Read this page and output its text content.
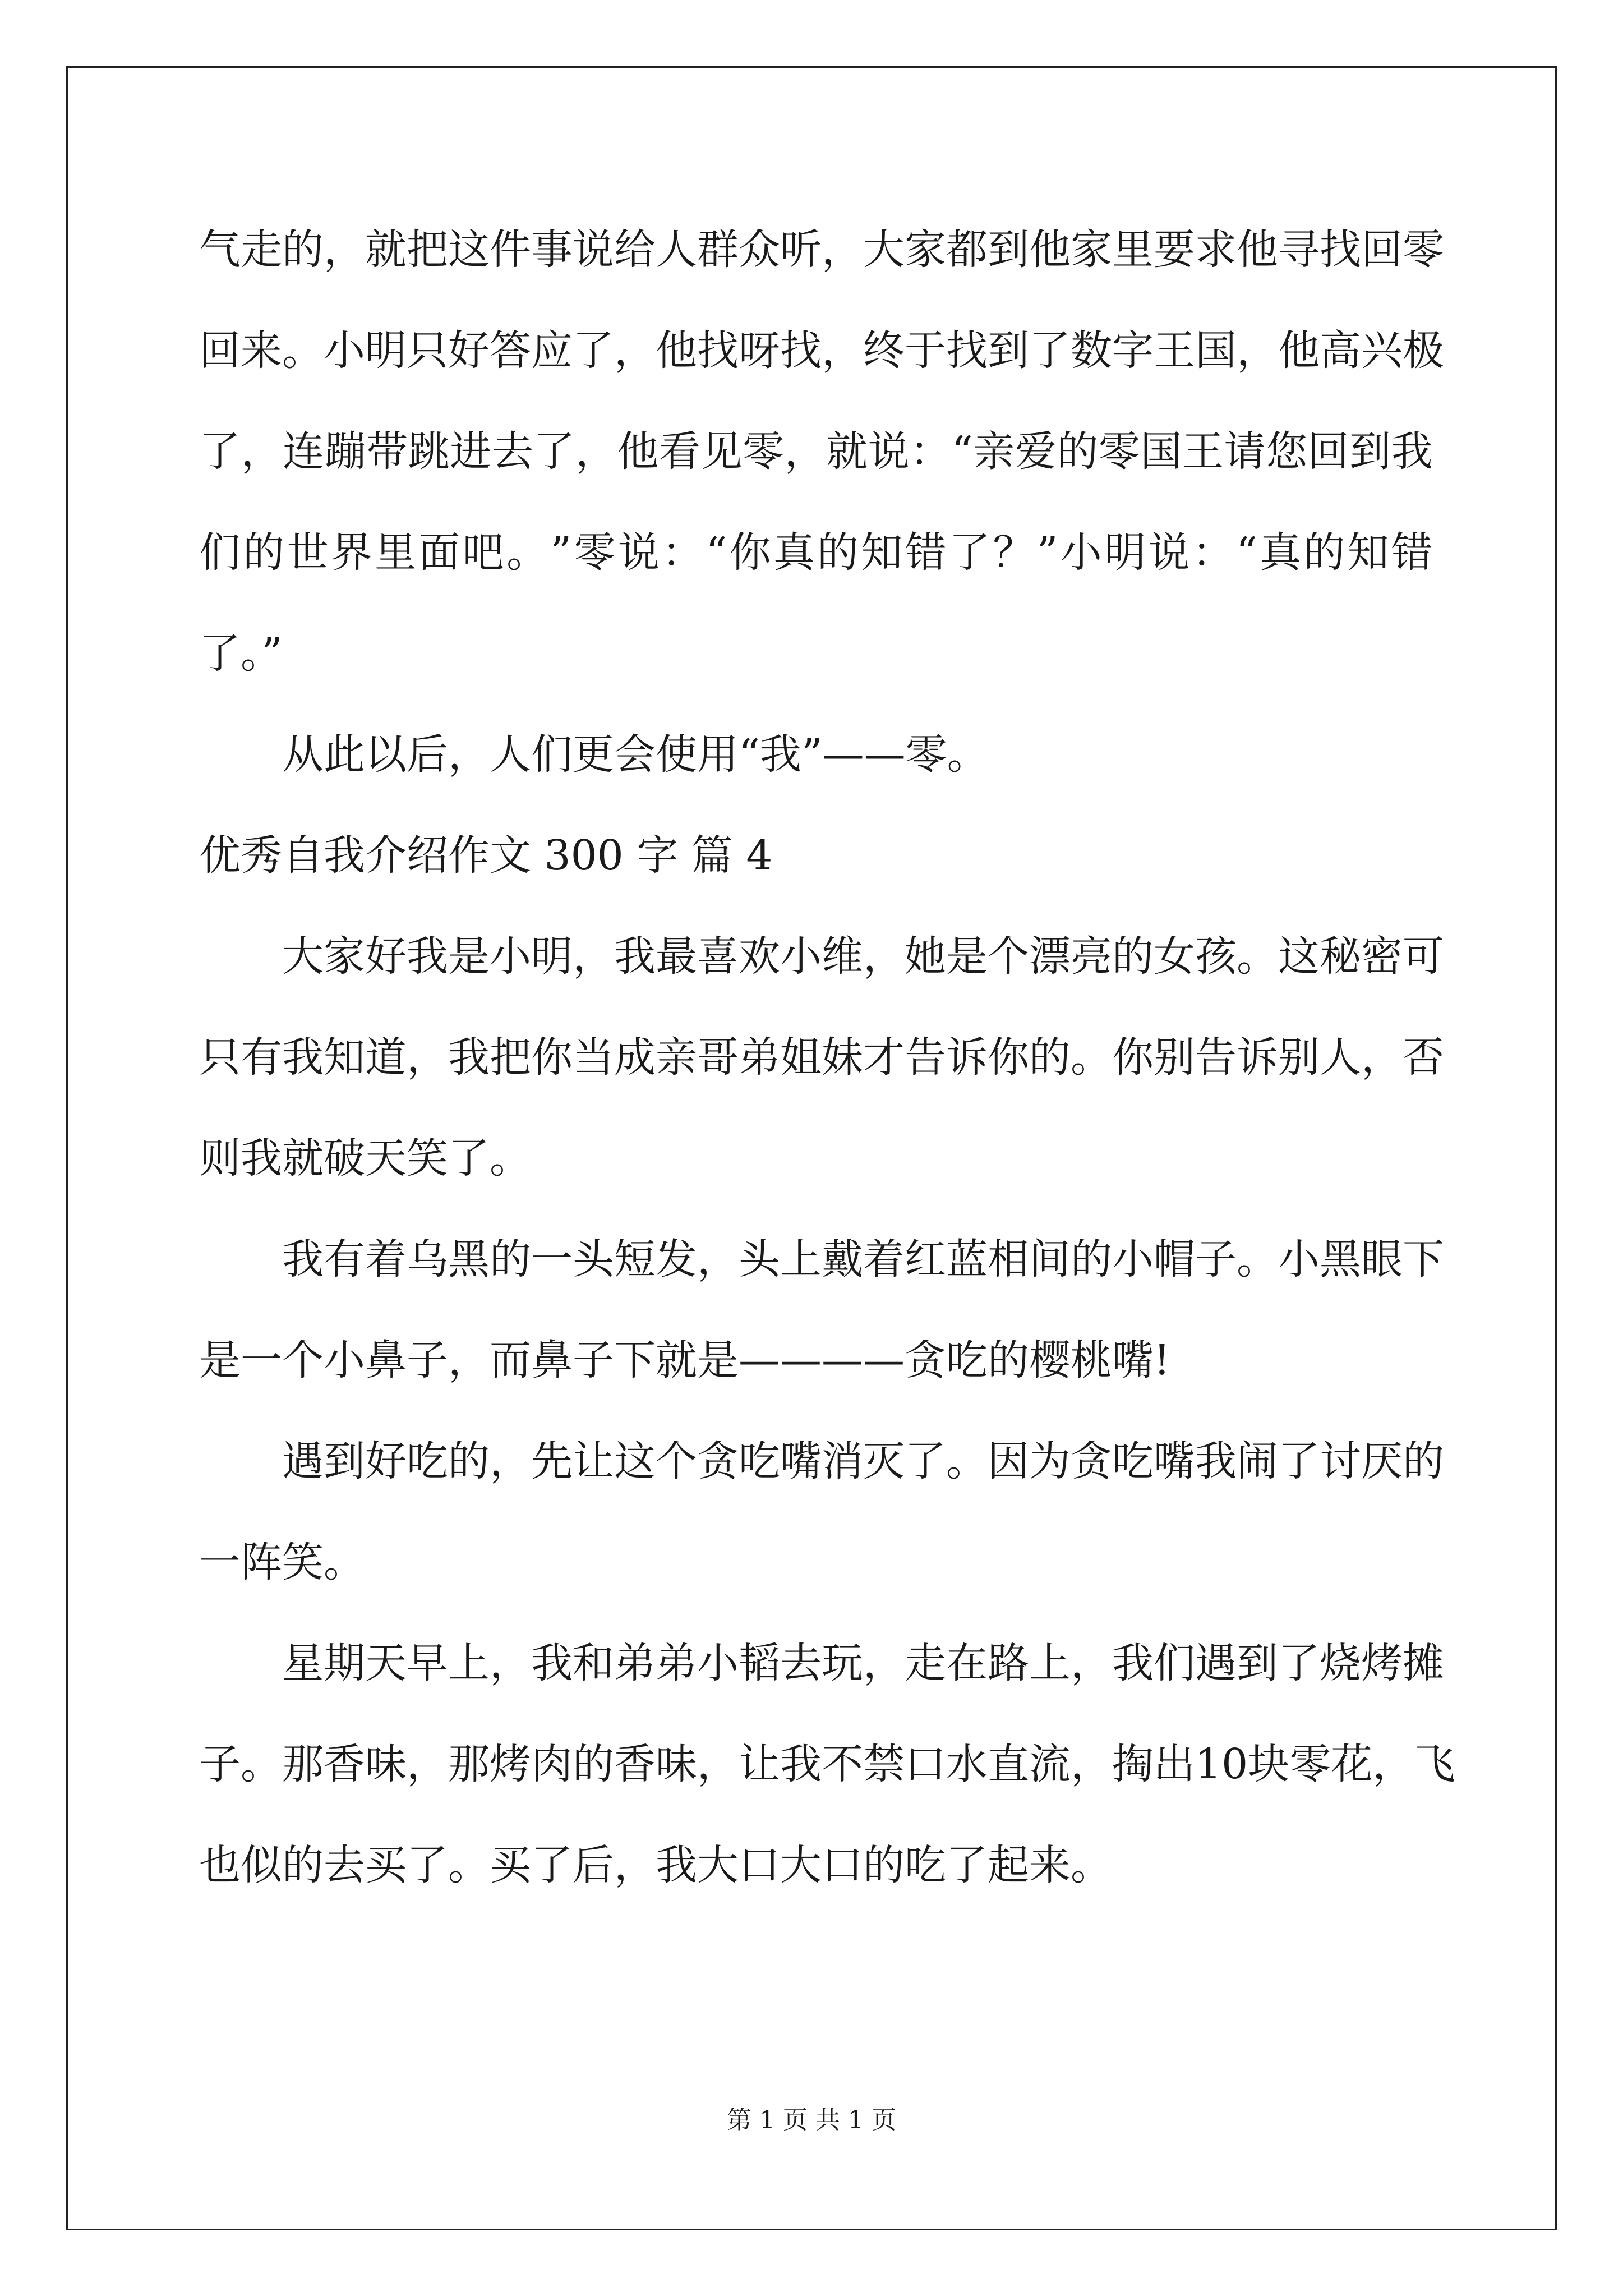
气 走 的 ， 就 把 这 件 事 说 给 人 群 众 听 ， 大 家 都 到 他 家 里 要 求 他 寻 找 回 零
回 来 。 小 明 只 好 答 应 了 ， 他 找 呀 找 ， 终 于 找 到 了 数 字 王 国 ， 他 高 兴 极
了 ， 连 蹦 带 跳 进 去 了 ， 他 看 见 零 ， 就 说 ： “ 亲 爱 的 零 国 王 请 您 回 到 我
们 的 世 界 里 面 吧 。 ” 零 说 ： “ 你 真 的 知 错 了 ？ ” 小 明 说 ： “ 真 的 知 错
了。”
从此以后，人们更会使用“我”——零。
优秀自我介绍作文 300 字 篇 4
大 家 好 我 是 小 明 ， 我 最 喜 欢 小 维 ， 她 是 个 漂 亮 的 女 孩 。 这 秘 密 可
只 有 我 知 道 ， 我 把 你 当 成 亲 哥 弟 姐 妹 才 告 诉 你 的 。 你 别 告 诉 别 人 ， 否
则我就破天笑了。
我 有 着 乌 黑 的 一 头 短 发 ， 头 上 戴 着 红 蓝 相 间 的 小 帽 子 。 小 黑 眼 下
是一个小鼻子，而鼻子下就是————贪吃的樱桃嘴!
遇 到 好 吃 的 ， 先 让 这 个 贪 吃 嘴 消 灭 了 。 因 为 贪 吃 嘴 我 闹 了 讨 厌 的
一阵笑。
星 期 天 早 上 ， 我 和 弟 弟 小 韬 去 玩 ， 走 在 路 上 ， 我 们 遇 到 了 烧 烤 摊
子 。 那 香 味 ， 那 烤 肉 的 香 味 ， 让 我 不 禁 口 水 直 流 ， 掏 出 1 0 块 零 花 ， 飞
也似的去买了。买了后，我大口大口的吃了起来。
第 1 页 共 1 页
